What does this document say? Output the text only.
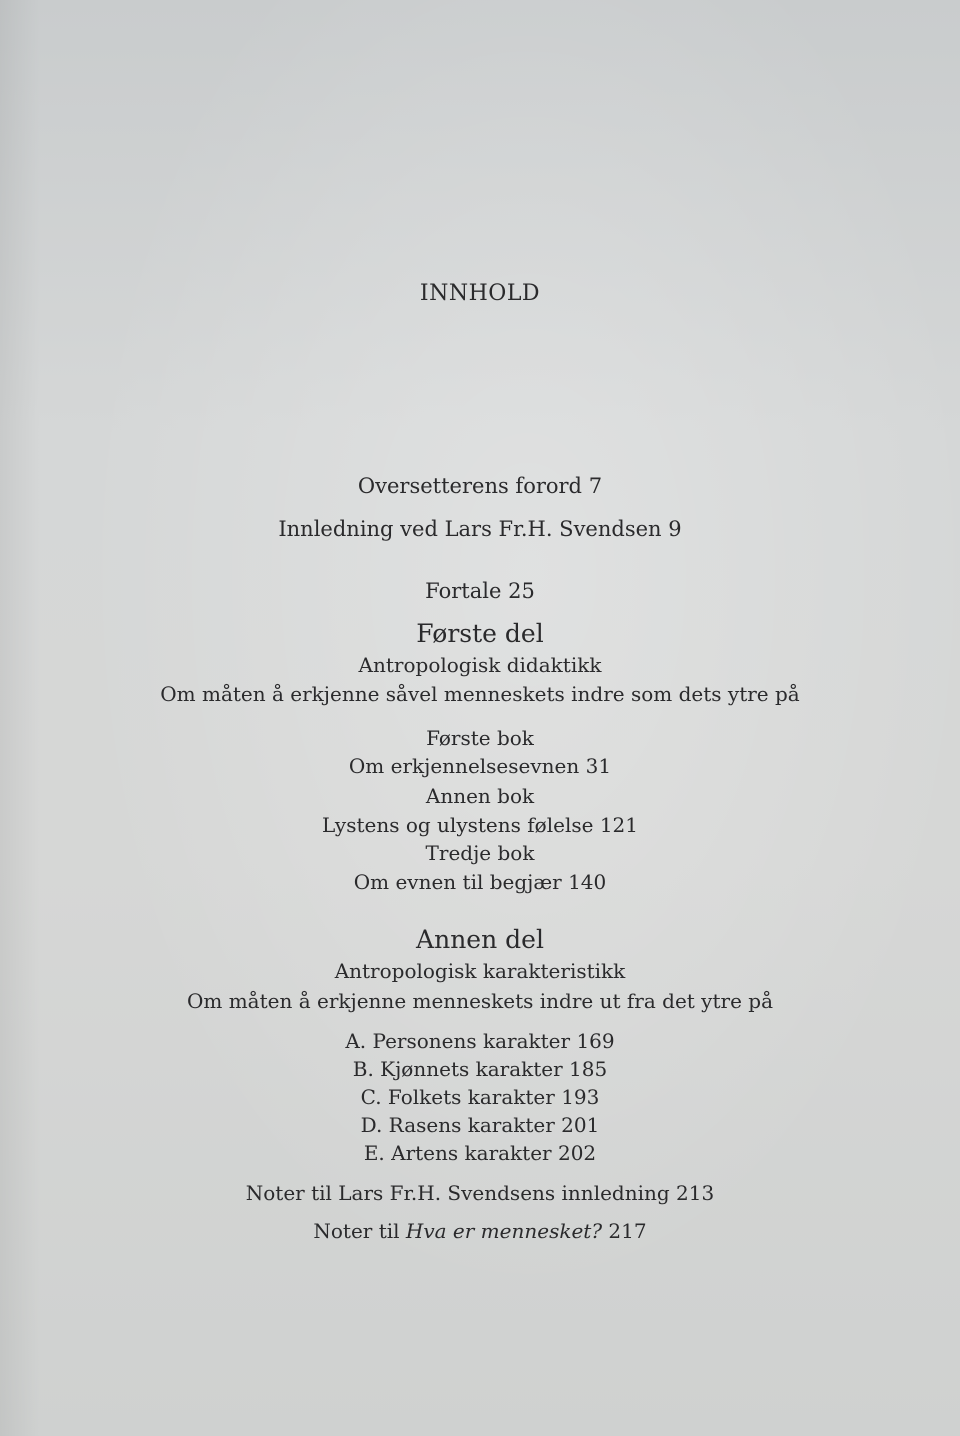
INNHOLD
Oversetterens forord 7
Innledning ved Lars Fr.H. Svendsen 9
Fortale 25
Første del
Antropologisk didaktikk
Om måten å erkjenne såvel menneskets indre som dets ytre på
Første bok
Om erkjennelsesevnen 31
Annen bok
Lystens og ulystens følelse 121
Tredje bok
Om evnen til begjær 140
Annen del
Antropologisk karakteristikk
Om måten å erkjenne menneskets indre ut fra det ytre på
A. Personens karakter 169
B. Kjønnets karakter 185
C. Folkets karakter 193
D. Rasens karakter 201
E. Artens karakter 202
Noter til Lars Fr.H. Svendsens innledning 213
Noter til Hva er mennesket? 217
